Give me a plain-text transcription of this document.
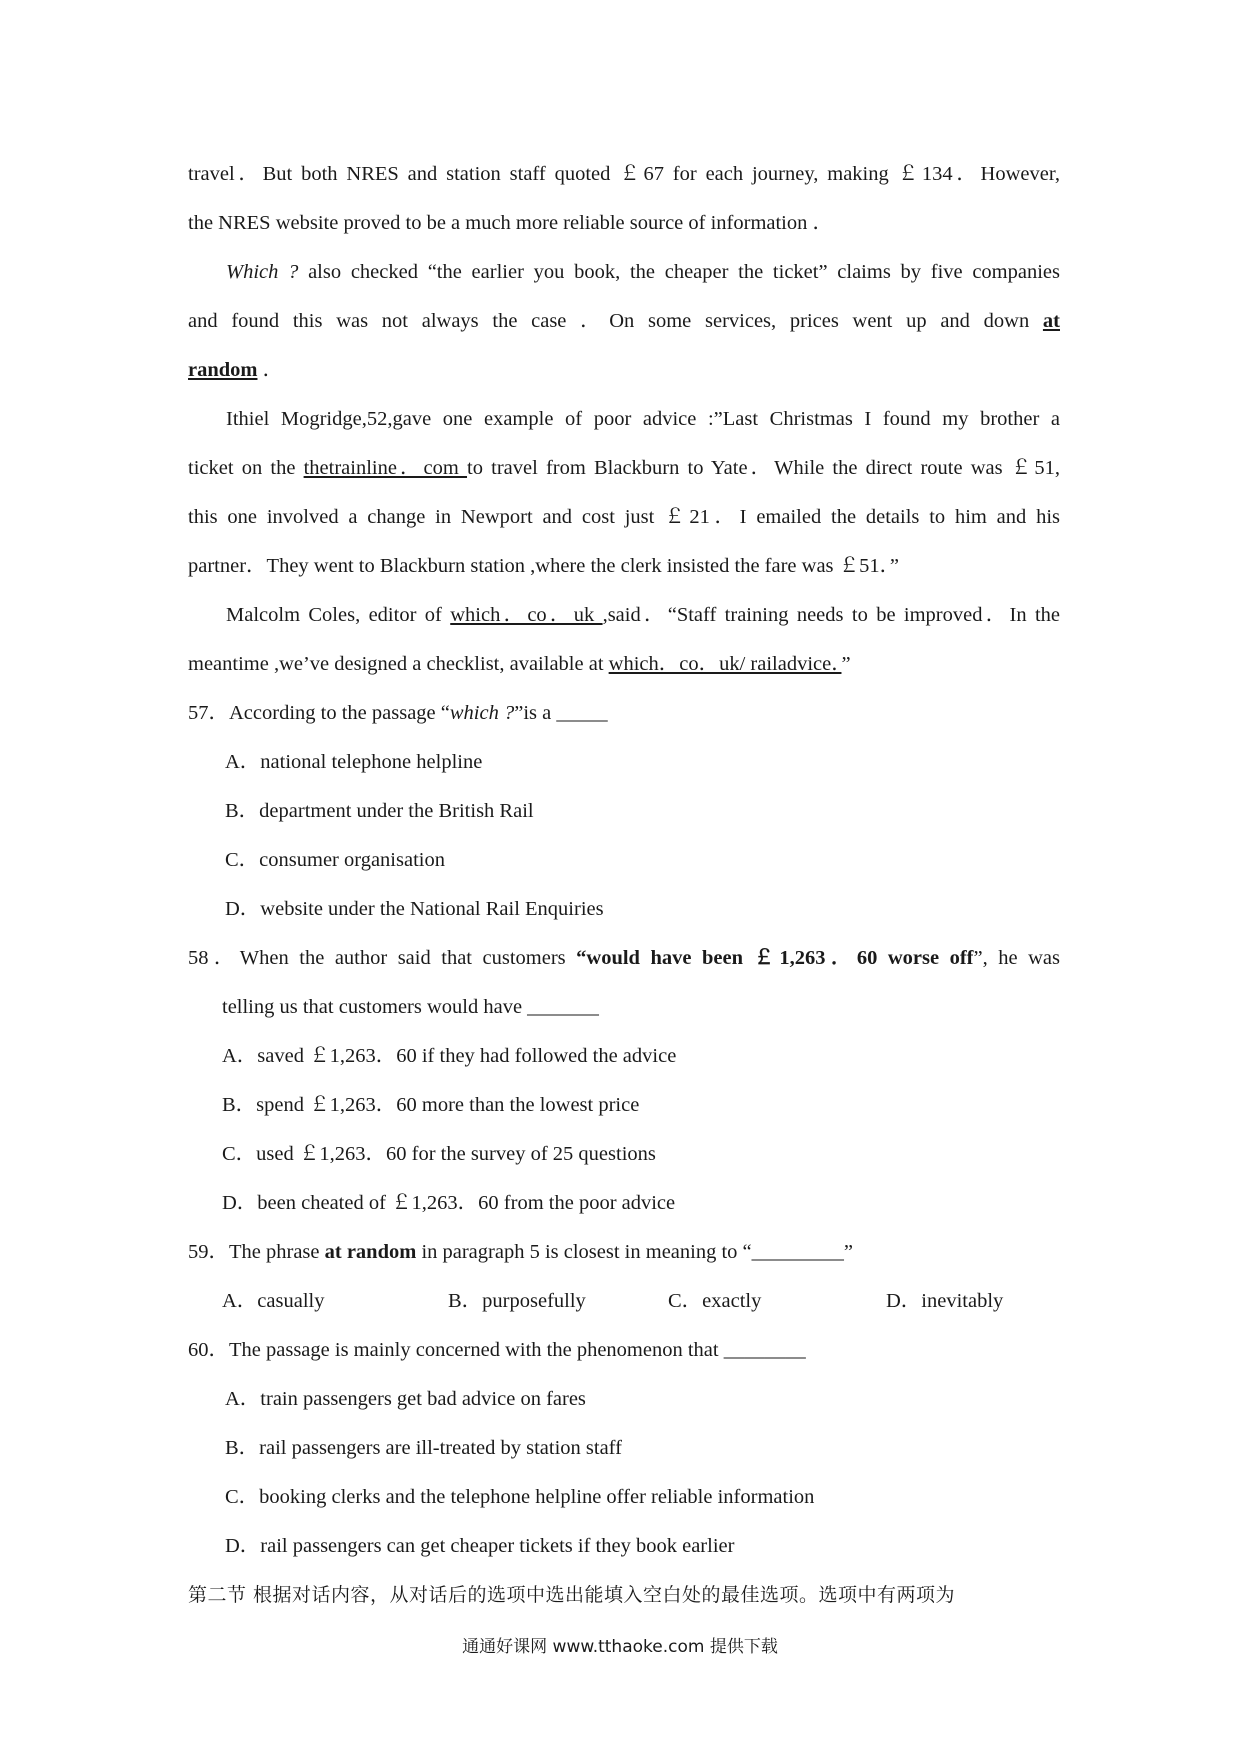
travel．But both NRES and station staff quoted ￡67 for each journey, making ￡134．However,
the NRES website proved to be a much more reliable source of information ．
Which ? also checked “the earlier you book, the cheaper the ticket” claims by five companies
and found this was not always the case ．On some services, prices went up and down at
random ．
Ithiel Mogridge,52,gave one example of poor advice :”Last Christmas I found my brother a
ticket on the thetrainline．com to travel from Blackburn to Yate．While the direct route was ￡51,
this one involved a change in Newport and cost just ￡21．I emailed the details to him and his
partner．They went to Blackburn station ,where the clerk insisted the fare was ￡51．”
Malcolm Coles, editor of which．co．uk ,said．“Staff training needs to be improved．In the
meantime ,we’ve designed a checklist, available at which．co．uk/ railadvice．”
57．According to the passage “which ?”is a _____
A．national telephone helpline
B．department under the British Rail
C．consumer organisation
D．website under the National Rail Enquiries
58．When the author said that customers “would have been ￡1,263．60 worse off”, he was
telling us that customers would have _______
A．saved ￡1,263．60 if they had followed the advice
B．spend ￡1,263．60 more than the lowest price
C．used ￡1,263．60 for the survey of 25 questions
D．been cheated of ￡1,263．60 from the poor advice
59．The phrase at random in paragraph 5 is closest in meaning to “_________”
A．casually	B．purposefully	C．exactly	D．inevitably
60．The passage is mainly concerned with the phenomenon that ________
A．train passengers get bad advice on fares
B．rail passengers are ill-treated by station staff
C．booking clerks and the telephone helpline offer reliable information
D．rail passengers can get cheaper tickets if they book earlier
第二节 根据对话内容，从对话后的选项中选出能填入空白处的最佳选项。选项中有两项为
通通好课网 www.tthaoke.com 提供下载
